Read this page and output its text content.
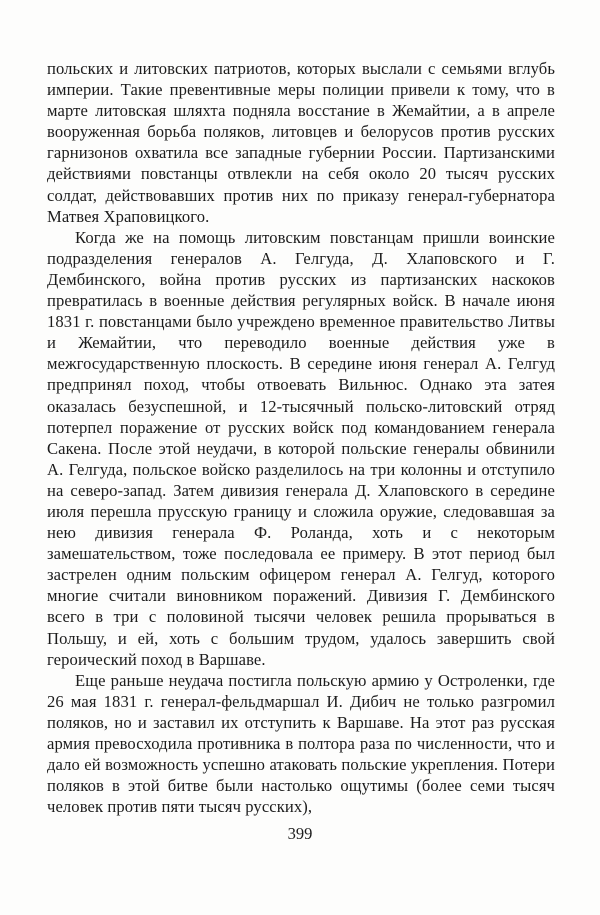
польских и литовских патриотов, которых выслали с семьями вглубь империи. Такие превентивные меры полиции привели к тому, что в марте литовская шляхта подняла восстание в Жемайтии, а в апреле вооруженная борьба поляков, литовцев и белорусов против русских гарнизонов охватила все западные губернии России. Партизанскими действиями повстанцы отвлекли на себя около 20 тысяч русских солдат, действовавших против них по приказу генерал-губернатора Матвея Храповицкого.

Когда же на помощь литовским повстанцам пришли воинские подразделения генералов А. Гелгуда, Д. Хлаповского и Г. Дембинского, война против русских из партизанских наскоков превратилась в военные действия регулярных войск. В начале июня 1831 г. повстанцами было учреждено временное правительство Литвы и Жемайтии, что переводило военные действия уже в межгосударственную плоскость. В середине июня генерал А. Гелгуд предпринял поход, чтобы отвоевать Вильнюс. Однако эта затея оказалась безуспешной, и 12-тысячный польско-литовский отряд потерпел поражение от русских войск под командованием генерала Сакена. После этой неудачи, в которой польские генералы обвинили А. Гелгуда, польское войско разделилось на три колонны и отступило на северо-запад. Затем дивизия генерала Д. Хлаповского в середине июля перешла прусскую границу и сложила оружие, следовавшая за нею дивизия генерала Ф. Роланда, хоть и с некоторым замешательством, тоже последовала ее примеру. В этот период был застрелен одним польским офицером генерал А. Гелгуд, которого многие считали виновником поражений. Дивизия Г. Дембинского всего в три с половиной тысячи человек решила прорываться в Польшу, и ей, хоть с большим трудом, удалось завершить свой героический поход в Варшаве.

Еще раньше неудача постигла польскую армию у Остроленки, где 26 мая 1831 г. генерал-фельдмаршал И. Дибич не только разгромил поляков, но и заставил их отступить к Варшаве. На этот раз русская армия превосходила противника в полтора раза по численности, что и дало ей возможность успешно атаковать польские укрепления. Потери поляков в этой битве были настолько ощутимы (более семи тысяч человек против пяти тысяч русских),

399
